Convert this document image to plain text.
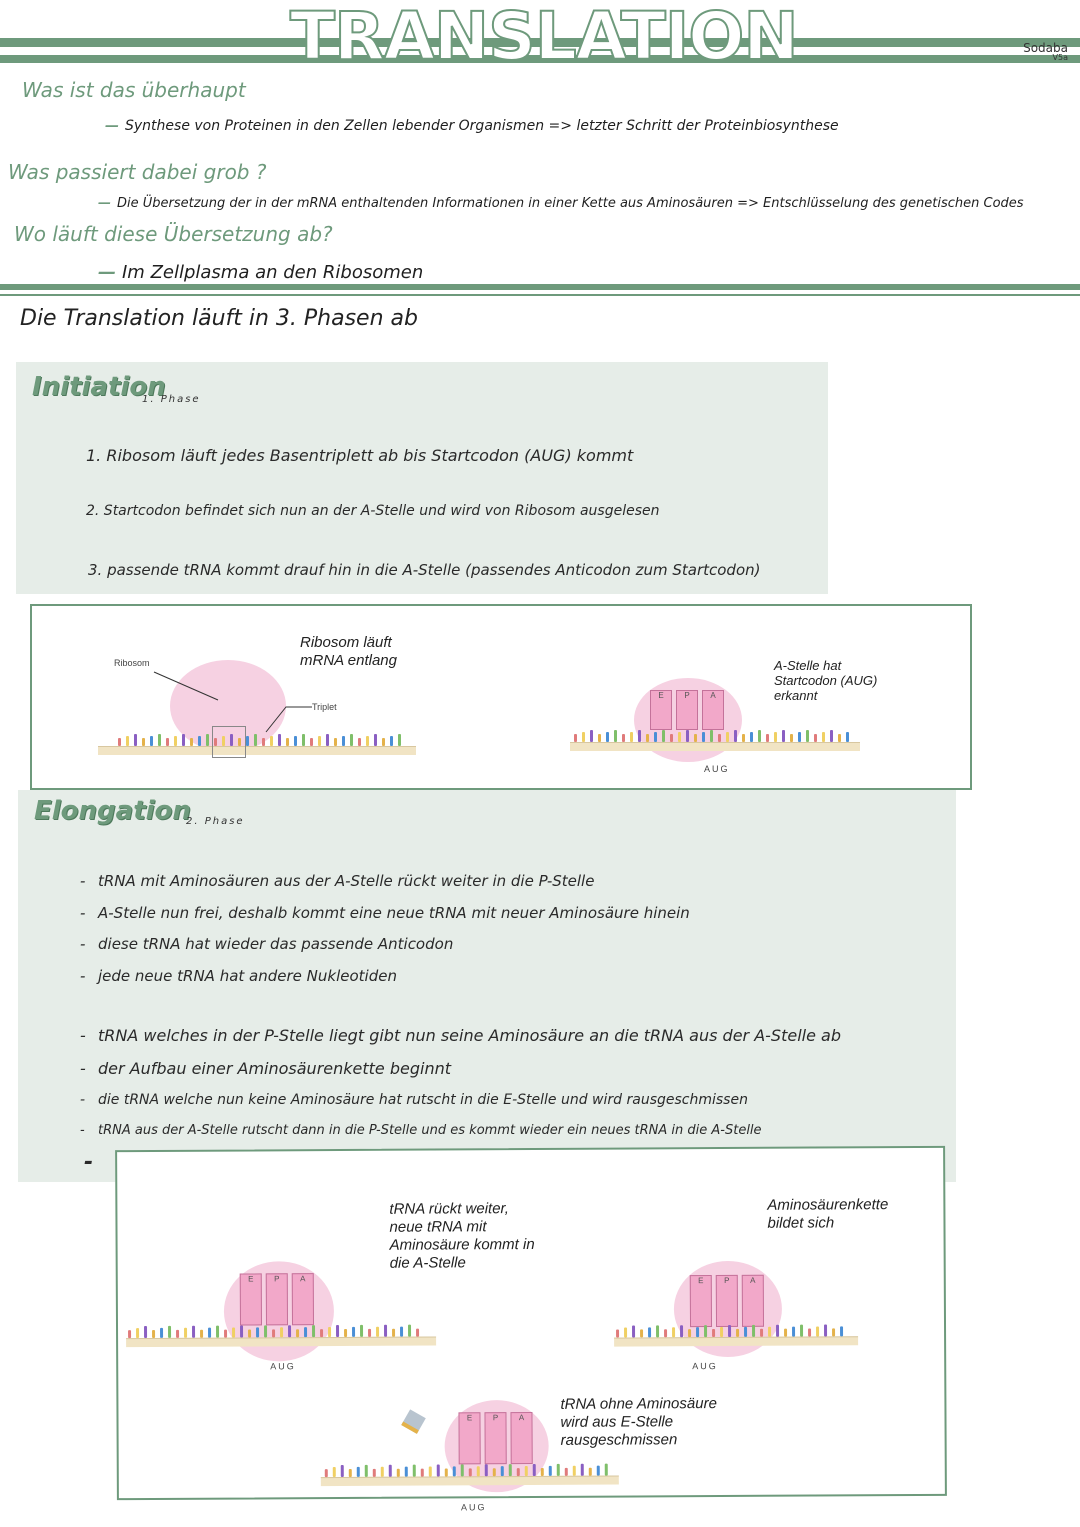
TRANSLATION	Sodaba
V5a
Was ist das überhaupt
— Synthese von Proteinen in den Zellen lebender Organismen => letzter Schritt der Proteinbiosynthese
Was passiert dabei grob ?
— Die Übersetzung der in der mRNA enthaltenden Informationen in einer Kette aus Aminosäuren => Entschlüsselung des genetischen Codes
Wo läuft diese Übersetzung ab?
— Im Zellplasma an den Ribosomen
Die Translation läuft in 3. Phasen ab
Initiation
1. Phase
1. Ribosom läuft jedes Basentriplett ab bis Startcodon (AUG) kommt
2. Startcodon befindet sich nun an der A-Stelle und wird von Ribosom ausgelesen
3. passende tRNA kommt drauf hin in die A-Stelle (passendes Anticodon zum Startcodon)
Ribosom
Triplet
Ribosom läuft
mRNA entlang
E	P	A
AUG
A-Stelle hat
Startcodon (AUG)
erkannt
Elongation
2. Phase
- tRNA mit Aminosäuren aus der A-Stelle rückt weiter in die P-Stelle
- A-Stelle nun frei, deshalb kommt eine neue tRNA mit neuer Aminosäure hinein
- diese tRNA hat wieder das passende Anticodon
- jede neue tRNA hat andere Nukleotiden
- tRNA welches in der P-Stelle liegt gibt nun seine Aminosäure an die tRNA aus der A-Stelle ab
- der Aufbau einer Aminosäurenkette beginnt
- die tRNA welche nun keine Aminosäure hat rutscht in die E-Stelle und wird rausgeschmissen
- tRNA aus der A-Stelle rutscht dann in die P-Stelle und es kommt wieder ein neues tRNA in die A-Stelle
-
tRNA rückt weiter,
neue tRNA mit
Aminosäure kommt in
die A-Stelle
Aminosäurenkette
bildet sich
tRNA ohne Aminosäure
wird aus E-Stelle
rausgeschmissen
E	P	A
AUG
E	P	A
AUG
E	P	A
AUG
